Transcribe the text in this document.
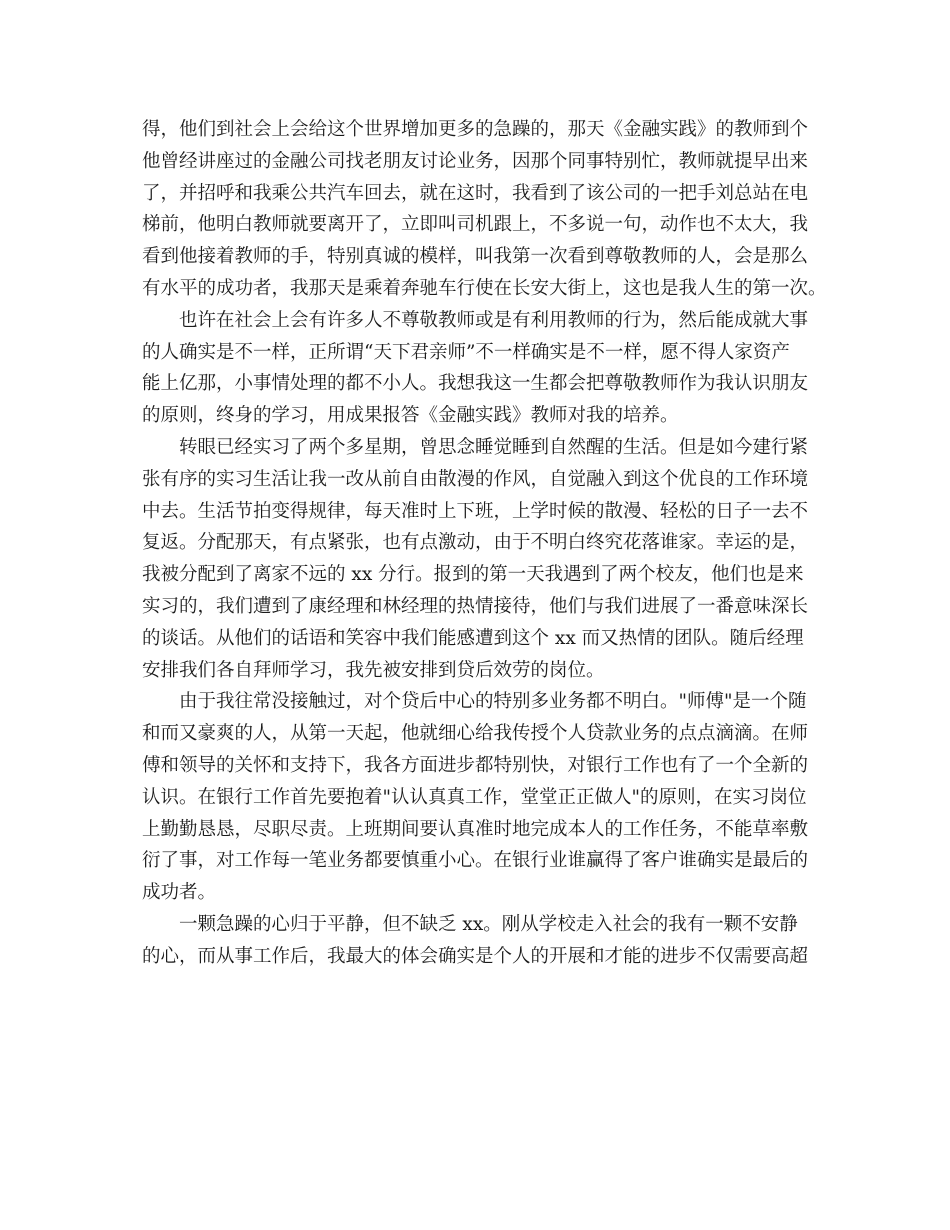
得，他们到社会上会给这个世界增加更多的急躁的，那天《金融实践》的教师到个
他曾经讲座过的金融公司找老朋友讨论业务，因那个同事特别忙，教师就提早出来
了，并招呼和我乘公共汽车回去，就在这时，我看到了该公司的一把手刘总站在电
梯前，他明白教师就要离开了，立即叫司机跟上，不多说一句，动作也不太大，我
看到他接着教师的手，特别真诚的模样，叫我第一次看到尊敬教师的人，会是那么
有水平的成功者，我那天是乘着奔驰车行使在长安大街上，这也是我人生的第一次。
也许在社会上会有许多人不尊敬教师或是有利用教师的行为，然后能成就大事
的人确实是不一样，正所谓“天下君亲师”不一样确实是不一样，愿不得人家资产
能上亿那，小事情处理的都不小人。我想我这一生都会把尊敬教师作为我认识朋友
的原则，终身的学习，用成果报答《金融实践》教师对我的培养。
转眼已经实习了两个多星期，曾思念睡觉睡到自然醒的生活。但是如今建行紧
张有序的实习生活让我一改从前自由散漫的作风，自觉融入到这个优良的工作环境
中去。生活节拍变得规律，每天准时上下班，上学时候的散漫、轻松的日子一去不
复返。分配那天，有点紧张，也有点激动，由于不明白终究花落谁家。幸运的是，
我被分配到了离家不远的 xx 分行。报到的第一天我遇到了两个校友，他们也是来
实习的，我们遭到了康经理和林经理的热情接待，他们与我们进展了一番意味深长
的谈话。从他们的话语和笑容中我们能感遭到这个 xx 而又热情的团队。随后经理
安排我们各自拜师学习，我先被安排到贷后效劳的岗位。
由于我往常没接触过，对个贷后中心的特别多业务都不明白。"师傅"是一个随
和而又豪爽的人，从第一天起，他就细心给我传授个人贷款业务的点点滴滴。在师
傅和领导的关怀和支持下，我各方面进步都特别快，对银行工作也有了一个全新的
认识。在银行工作首先要抱着"认认真真工作，堂堂正正做人"的原则，在实习岗位
上勤勤恳恳，尽职尽责。上班期间要认真准时地完成本人的工作任务，不能草率敷
衍了事，对工作每一笔业务都要慎重小心。在银行业谁赢得了客户谁确实是最后的
成功者。
一颗急躁的心归于平静，但不缺乏 xx。刚从学校走入社会的我有一颗不安静
的心，而从事工作后，我最大的体会确实是个人的开展和才能的进步不仅需要高超
